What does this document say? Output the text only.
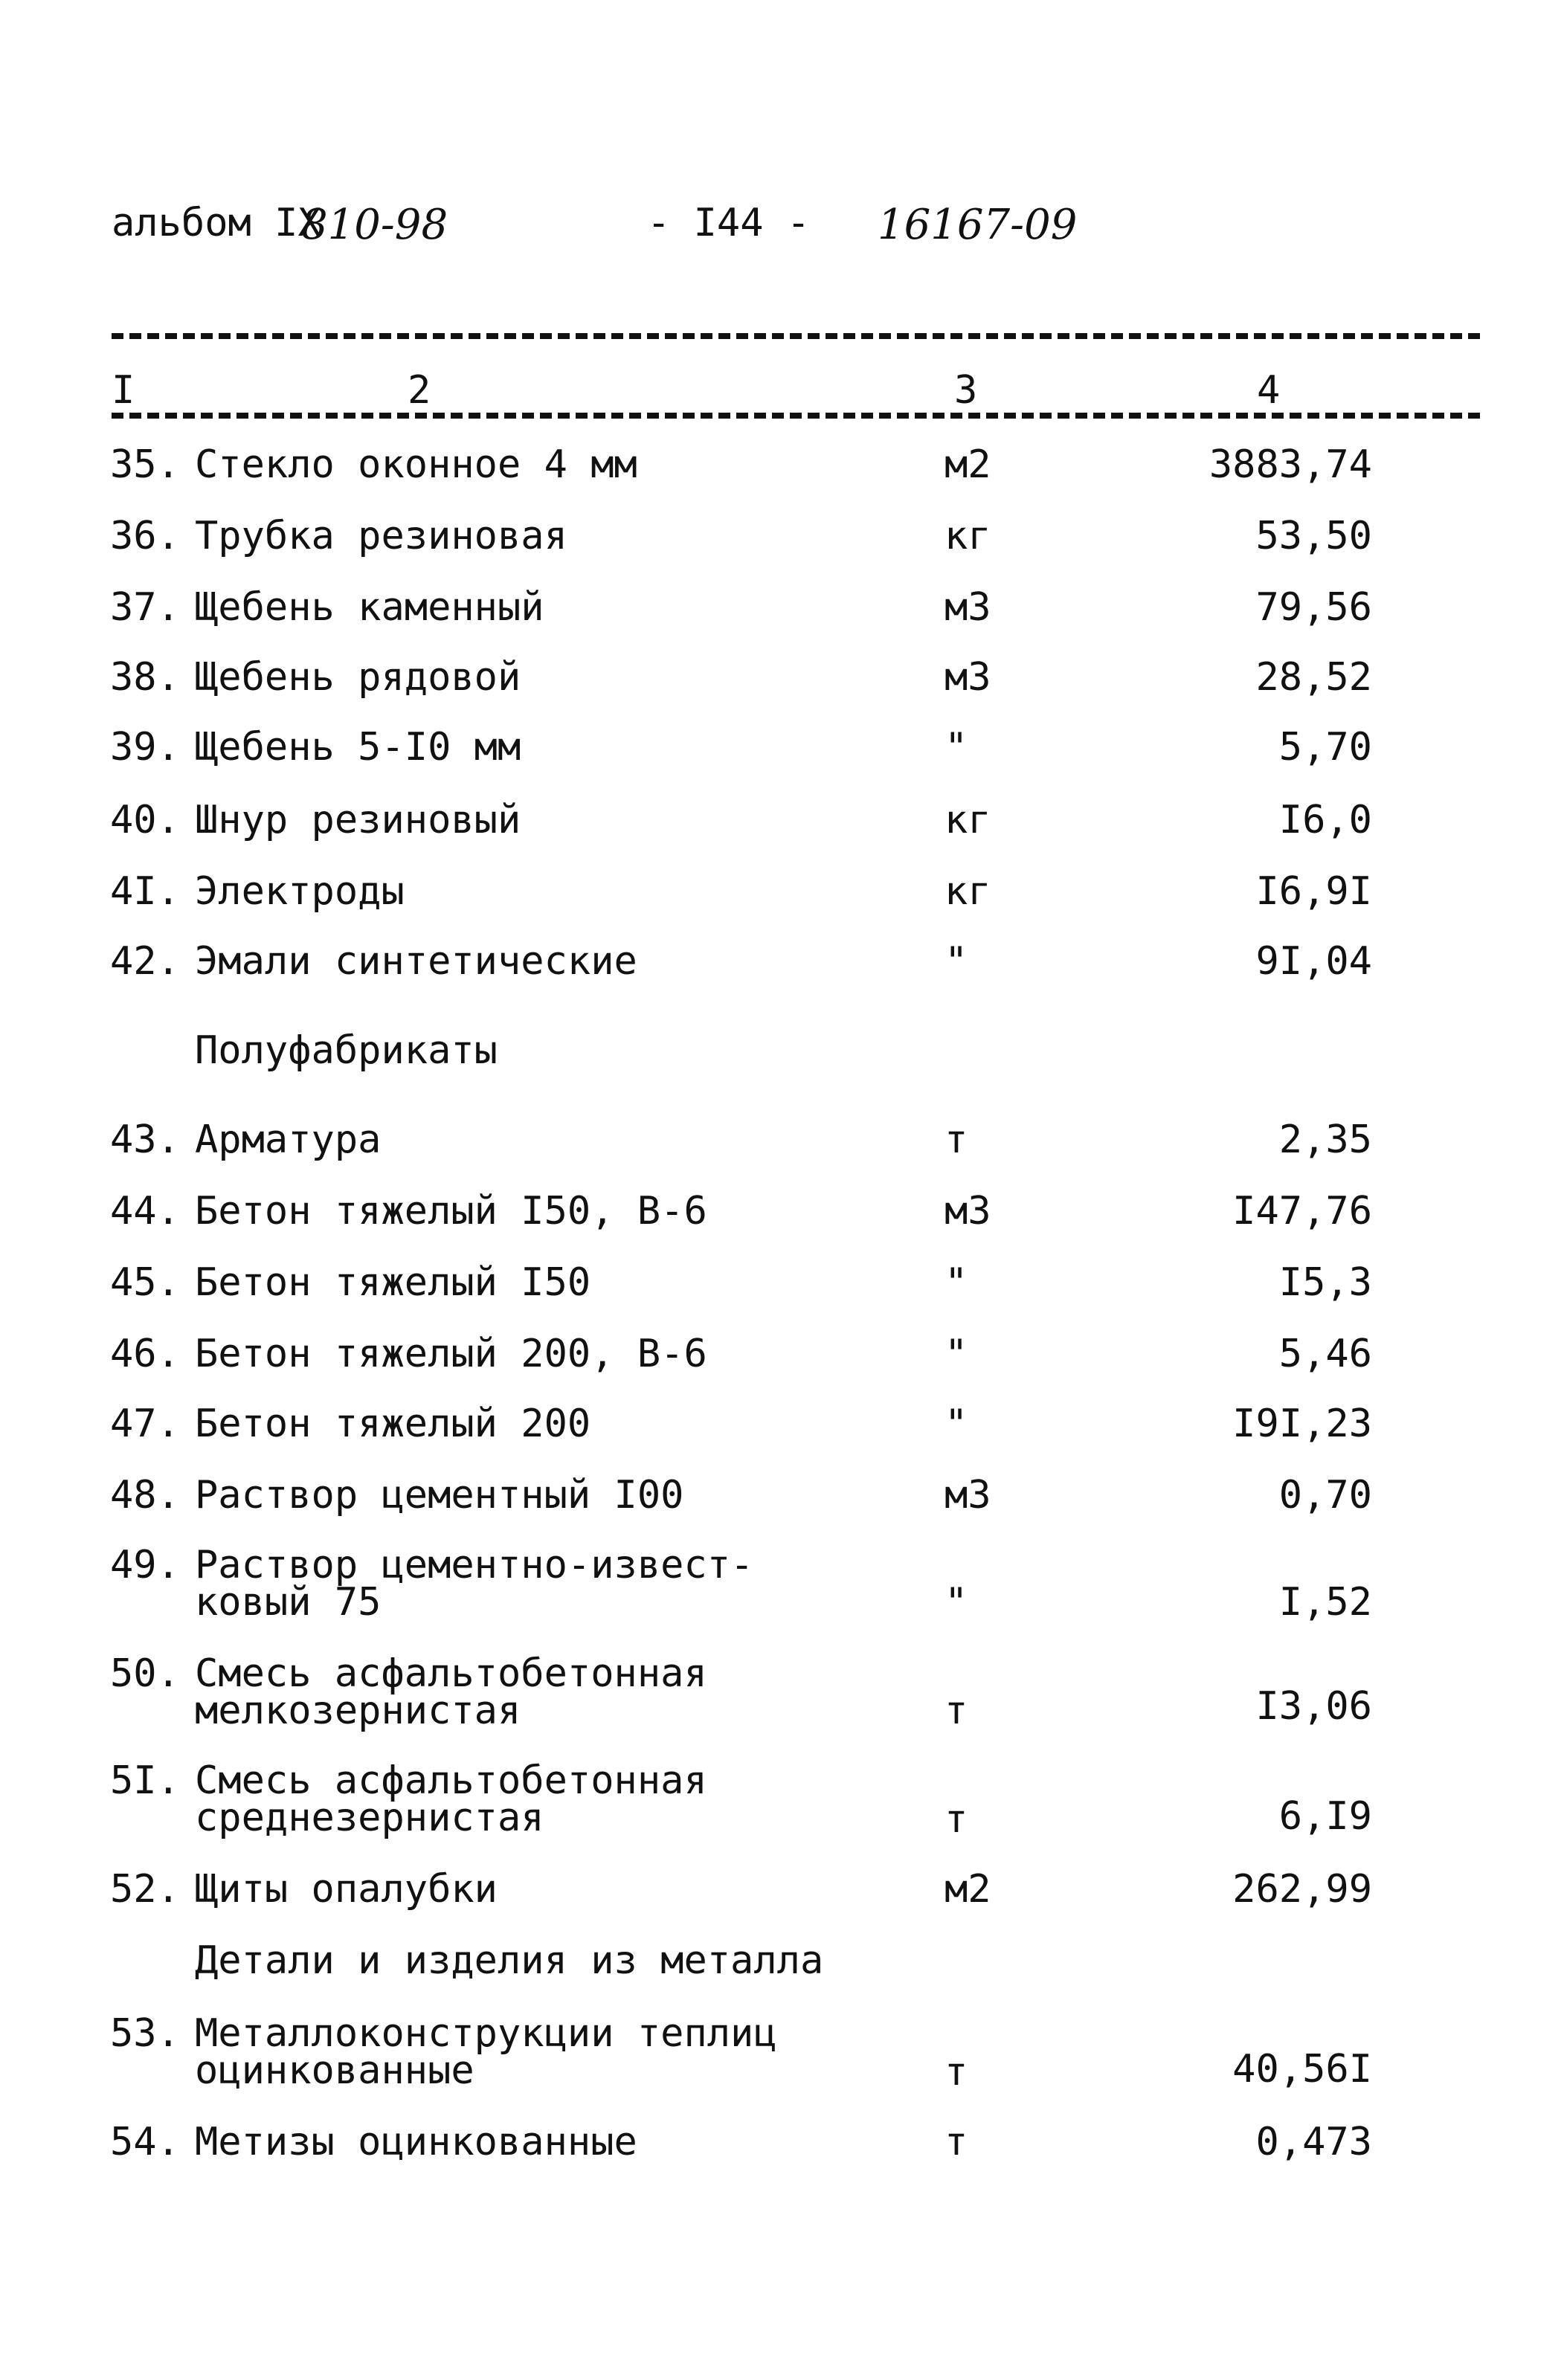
альбом IX
810-98	- I44 - 16167-09
I	2	3	4
35. Стекло оконное 4 мм	м2	3883,74
36. Трубка резиновая	кг	53,50
37. Щебень каменный	м3	79,56
38. Щебень рядовой	м3	28,52
39. Щебень 5-I0 мм	"	5,70
40. Шнур резиновый	кг	I6,0
4I. Электроды	кг	I6,9I
42. Эмали синтетические	"	9I,04
Полуфабрикаты
43. Арматура	т	2,35
44. Бетон тяжелый I50, В-6	м3	I47,76
45. Бетон тяжелый I50	"	I5,3
46. Бетон тяжелый 200, В-6	"	5,46
47. Бетон тяжелый 200	"	I9I,23
48. Раствор цементный I00	м3	0,70
49. Раствор цементно-извест-
ковый 75	"	I,52
50. Смесь асфальтобетонная
мелкозернистая	т	I3,06
5I. Смесь асфальтобетонная
среднезернистая	т	6,I9
52. Щиты опалубки	м2	262,99
Детали и изделия из металла
53. Металлоконструкции теплиц
оцинкованные	т	40,56I
54. Метизы оцинкованные	т	0,473
